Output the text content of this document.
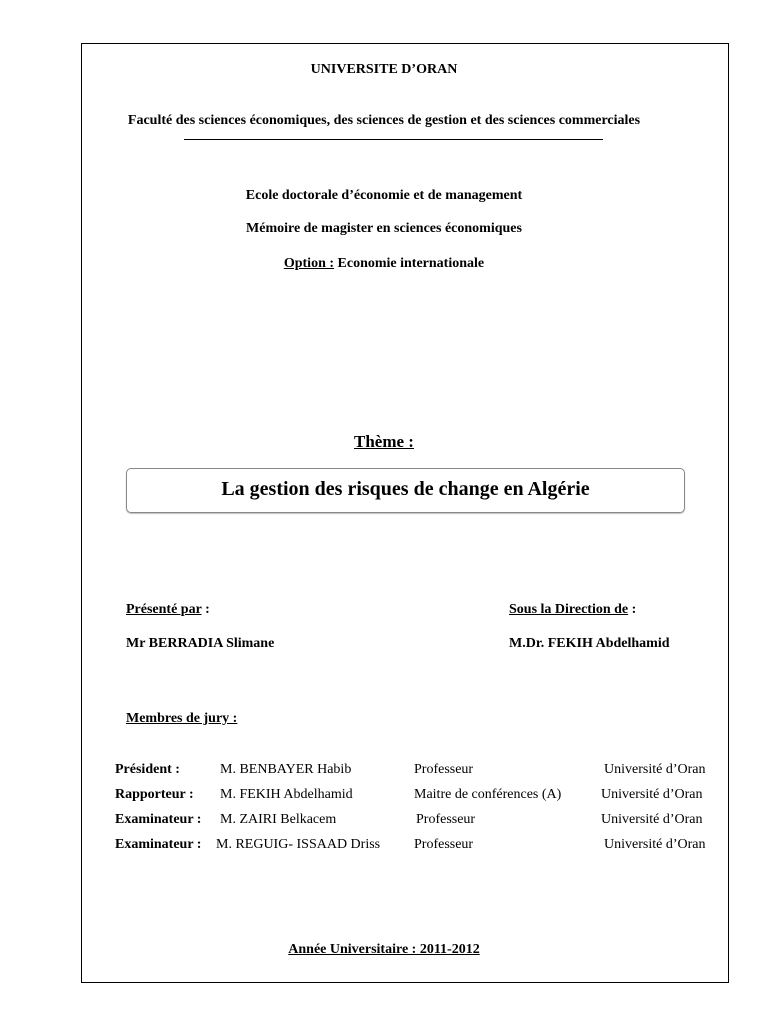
UNIVERSITE D’ORAN
Faculté des sciences économiques, des sciences de gestion et des sciences commerciales
Ecole doctorale d’économie et de management
Mémoire de magister en sciences économiques
Option : Economie internationale
Thème :
La gestion des risques de change en Algérie
Présenté par :	Sous la Direction de :
Mr BERRADIA Slimane	M.Dr. FEKIH Abdelhamid
Membres de jury :
Président :	M. BENBAYER Habib	Professeur	Université d’Oran
Rapporteur : M. FEKIH Abdelhamid	Maitre de conférences (A)	Université d’Oran
Examinateur : M. ZAIRI Belkacem	Professeur	Université d’Oran
Examinateur : M. REGUIG- ISSAAD Driss Professeur	Université d’Oran
Année Universitaire : 2011-2012
